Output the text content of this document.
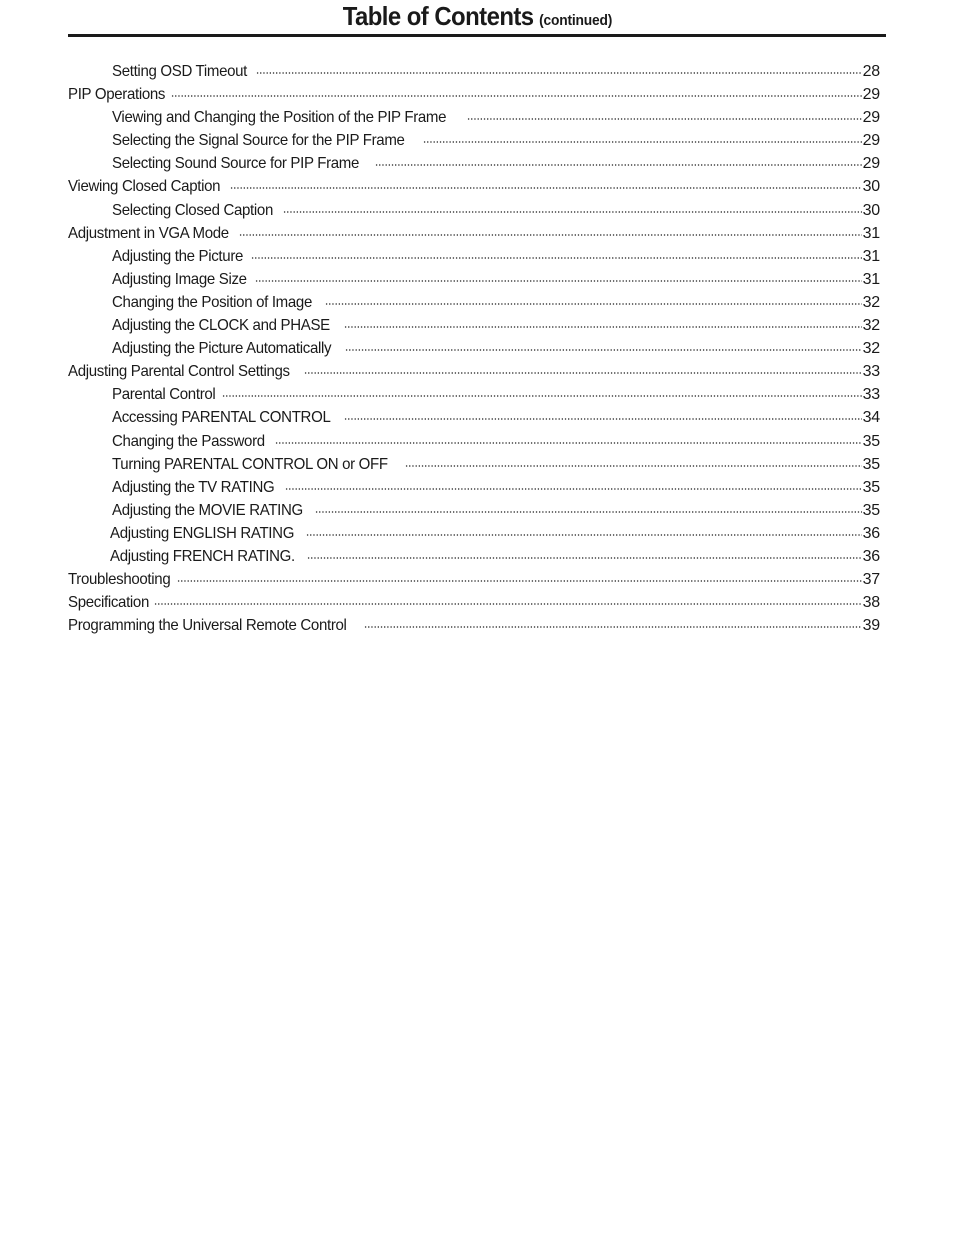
Table of Contents (continued)
Setting OSD Timeout	28
PIP Operations	29
Viewing and Changing the Position of the PIP Frame	29
Selecting the Signal Source for the PIP Frame	29
Selecting Sound Source for PIP Frame	29
Viewing Closed Caption	30
Selecting Closed Caption	30
Adjustment in VGA Mode	31
Adjusting the Picture	31
Adjusting Image Size	31
Changing the Position of Image	32
Adjusting the CLOCK and PHASE	32
Adjusting the Picture Automatically	32
Adjusting Parental Control Settings	33
Parental Control	33
Accessing PARENTAL CONTROL	34
Changing the Password	35
Turning PARENTAL CONTROL ON or OFF	35
Adjusting the TV RATING	35
Adjusting the MOVIE RATING	35
Adjusting ENGLISH RATING	36
Adjusting FRENCH RATING.	36
Troubleshooting	37
Specification	38
Programming the Universal Remote Control	39
